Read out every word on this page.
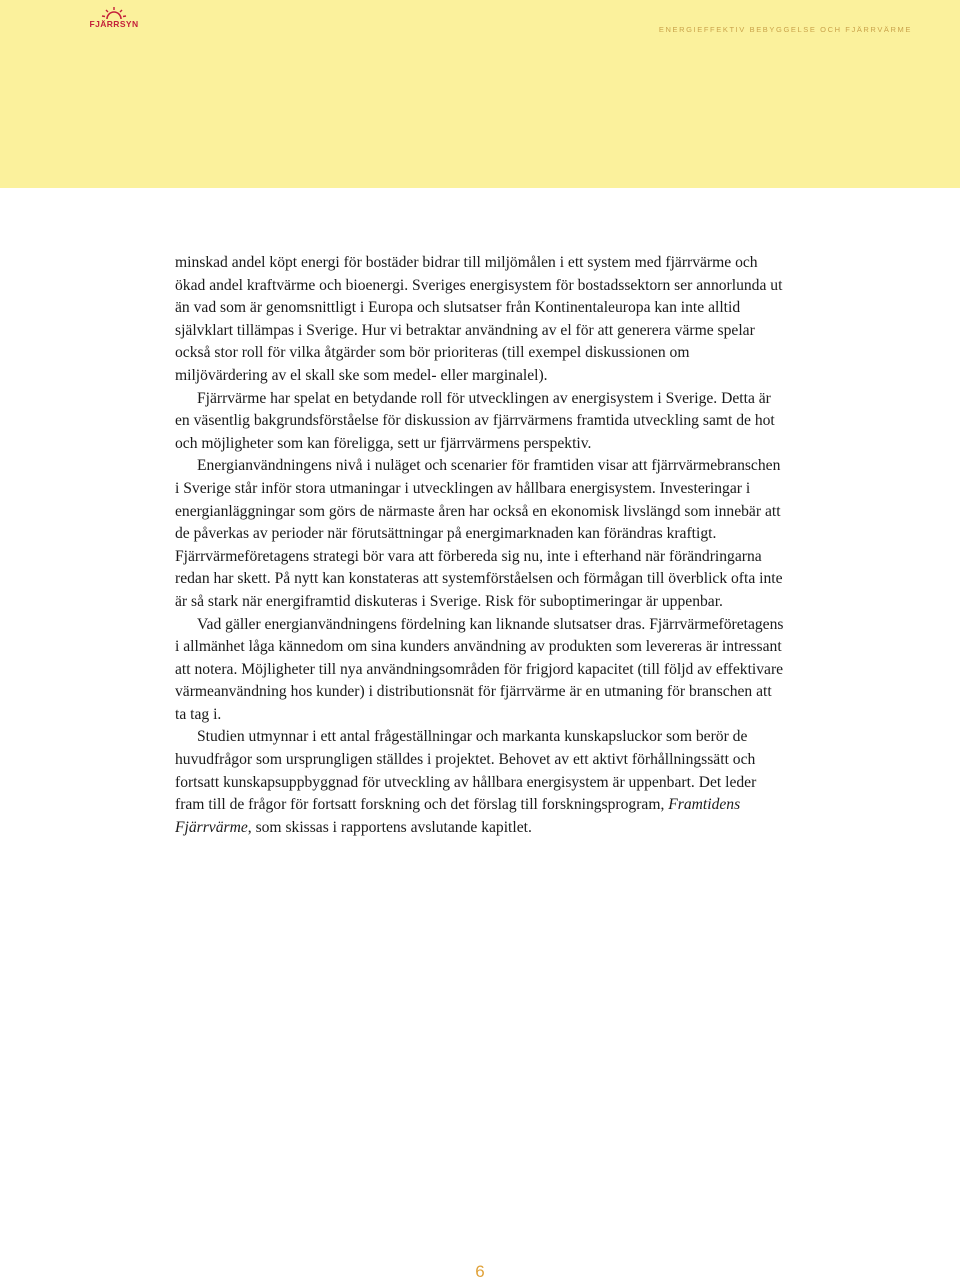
FJÄRRSYN
ENERGIEFFEKTIV BEBYGGELSE OCH FJÄRRVÄRME

minskad andel köpt energi för bostäder bidrar till miljömålen i ett system med fjärrvärme och ökad andel kraftvärme och bioenergi. Sveriges energisystem för bostadssektorn ser annorlunda ut än vad som är genomsnittligt i Europa och slutsatser från Kontinentaleuropa kan inte alltid självklart tillämpas i Sverige. Hur vi betraktar användning av el för att generera värme spelar också stor roll för vilka åtgärder som bör prioriteras (till exempel diskussionen om miljövärdering av el skall ske som medel- eller marginalel).

Fjärrvärme har spelat en betydande roll för utvecklingen av energisystem i Sverige. Detta är en väsentlig bakgrundsförståelse för diskussion av fjärrvärmens framtida utveckling samt de hot och möjligheter som kan föreligga, sett ur fjärrvärmens perspektiv.

Energianvändningens nivå i nuläget och scenarier för framtiden visar att fjärrvärmebranschen i Sverige står inför stora utmaningar i utvecklingen av hållbara energisystem. Investeringar i energianläggningar som görs de närmaste åren har också en ekonomisk livslängd som innebär att de påverkas av perioder när förutsättningar på energimarknaden kan förändras kraftigt. Fjärrvärmeföretagens strategi bör vara att förbereda sig nu, inte i efterhand när förändringarna redan har skett. På nytt kan konstateras att systemförståelsen och förmågan till överblick ofta inte är så stark när energiframtid diskuteras i Sverige. Risk för suboptimeringar är uppenbar.

Vad gäller energianvändningens fördelning kan liknande slutsatser dras. Fjärrvärmeföretagens i allmänhet låga kännedom om sina kunders användning av produkten som levereras är intressant att notera. Möjligheter till nya användningsområden för frigjord kapacitet (till följd av effektivare värmeanvändning hos kunder) i distributionsnät för fjärrvärme är en utmaning för branschen att ta tag i.

Studien utmynnar i ett antal frågeställningar och markanta kunskapsluckor som berör de huvudfrågor som ursprungligen ställdes i projektet. Behovet av ett aktivt förhållningssätt och fortsatt kunskapsuppbyggnad för utveckling av hållbara energisystem är uppenbart. Det leder fram till de frågor för fortsatt forskning och det förslag till forskningsprogram, Framtidens Fjärrvärme, som skissas i rapportens avslutande kapitlet.

6
